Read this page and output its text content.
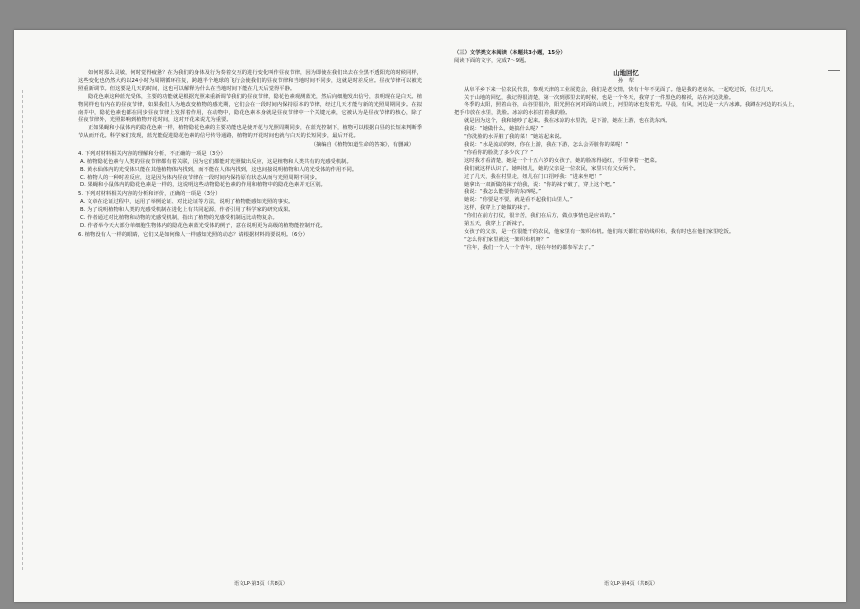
如何时那么灵敏，何时觉得疲惫？在为我们的身体及行为奏着交互的进行变化叫作昼夜节律，因为即使在我们出去在全黑不透阳光的时候同样，这些变化也仍然大约以24小时为周期循环往复，跨越半个地球的飞行会使我们的昼夜节律和当地时间不同步，这就是时差反应。昼夜节律可以被光照重新调节。但这要是几天的时间，这也可以解释为什么在当地时间下能在几天后觉得平静。

隐花色素这种蓝光受体，主要的功能就是根据光照来重新调节我们的昼夜节律，隐花色素观测蓝光，然后向细胞发出信号，表明现在是白天。植物同样也有内在的昼夜节律，如果我们人为地改变植物的感光期，它们会在一段时间内保持原本的节律，经过几天才能与新的光照周期同步。在拟南芥中，隐花色素也都在同步昼夜节律上发挥着作用，在动物中，隐花色素本身就是昼夜节律中一个关键元素，它被认为是昼夜节律的核心，除了昼夜节律外，光照影响到植物开花时间，这对开花来说尤为重要。

正如果蝇和小鼠体内的隐花色素一样，植物隐花色素的主要功能也是使开花与光照周期同步，在蓝光控制下，植物可以根据白昼的长短来判断季节从而开花。科学家们发现，蓝光能促进隐花色素的信号传导通路，植物的开花时间也就与白天的长短同步，最后开花。

（摘编自《植物知道生命的答案》，有删减）
4. 下列对材料相关内容的理解和分析，不正确的一项是（3分）
A. 植物隐花色素与人类的昼夜节律都有着关联，因为它们都能对光照做出反应，这是植物和人类共有的光感受机制。
B. 黄水仙体内的光受体只能在其他植物体内找到，而不能在人体内找到，这也间接说明植物和人的光受体的作用不同。
C. 植物人的一种时差反应，这是因为体内昼夜节律在一段时间内保持原有状态从而与光照周期不同步。
D. 果蝇和小鼠体内的隐花色素是一样的，这说明这些动物隐花色素的作用和植物中的隐花色素并无区别。
5. 下列对材料相关内容的分析和评价，正确的一项是（3分）
A. 文章在论证过程中，运用了举例论证、对比论证等方法，说明了植物能感知光照的事实。
B. 为了说明植物和人类的光感受机制在进化上有共同起源，作者引用了科学家的研究成果。
C. 作者通过对比植物和动物的光感受机制，指出了植物的光感受机制远比动物复杂。
D. 作者举今天大部分单细胞生物体内的隐花色素蓝光受体的例子，意在说明更为高级的植物能控制开花。
6. 植物没有人一样的眼睛，它们又是如何像人一样感知光照的动态？请根据材料简要说明。（6分）
（三）文学类文本阅读（本题共3小题，15分）
阅读下面的文字，完成7～9题。
山地回忆
孙　犁

从阜平乡下来一位农民代表，参观天津的工业展览会，我们是老交情，快有十年不见面了。他是我的老房东，一起吃过饭，住过几天。

关于山地的回忆，我记得很清楚，第一次到那里去的时候，也是一个冬天，我穿了一件黑色的棉袄，站在河边洗脸。

冬季的太阳，照着山谷，山谷里很冷，阳光照在河对面的山坡上，河里的冰也发着光。早晨，有风，河边是一大片冰滩。我蹲在河边的石头上，把手巾放在水里，洗脸。冰凉的水拍打着我的脸。

就是因为这个，我和她吵了起来。我在冰凉的水里洗，是下游，她在上游，也在洗东西。

我说：“她做什么，她搞什么呢？”

“你洗脸的水弄脏了我的菜！”她站起来说。

我说：“水是流动的呀，你在上游，我在下游，怎么会弄脏你的菜呢！”

“你看你的脸洗了多少次了？”

这时我才看清楚，她是一个十五六岁的女孩子，她的脸冻得通红，手里拿着一把菜。

我们就这样认识了。她叫妞儿，她的父亲是一位农民，家里只有父女两个。

过了几天，我在村里走，妞儿在门口招呼我：“进来坐吧！”

她拿出一双新做的袜子给我，说：“你的袜子破了，穿上这个吧。”

我说：“我怎么能要你的东西呢。”

她说：“你要是不要，就是看不起我们山里人。”

这样，我穿上了她做的袜子。

“你们在前方打仗，很辛苦，我们在后方，做点事情也是应该的。”

第五天，我穿上了新袜子。

女孩子的父亲，是一位很能干的农民，他家里有一架织布机。他们每天都忙着纺线织布，我有时也在他们家里吃饭。

“怎么你们家里就这一架织布机呀？”

“往年，我们一个人一个青年，现在年轻的都参军去了。”

语文LP·第3页（共8页）	语文LP·第4页（共8页）
